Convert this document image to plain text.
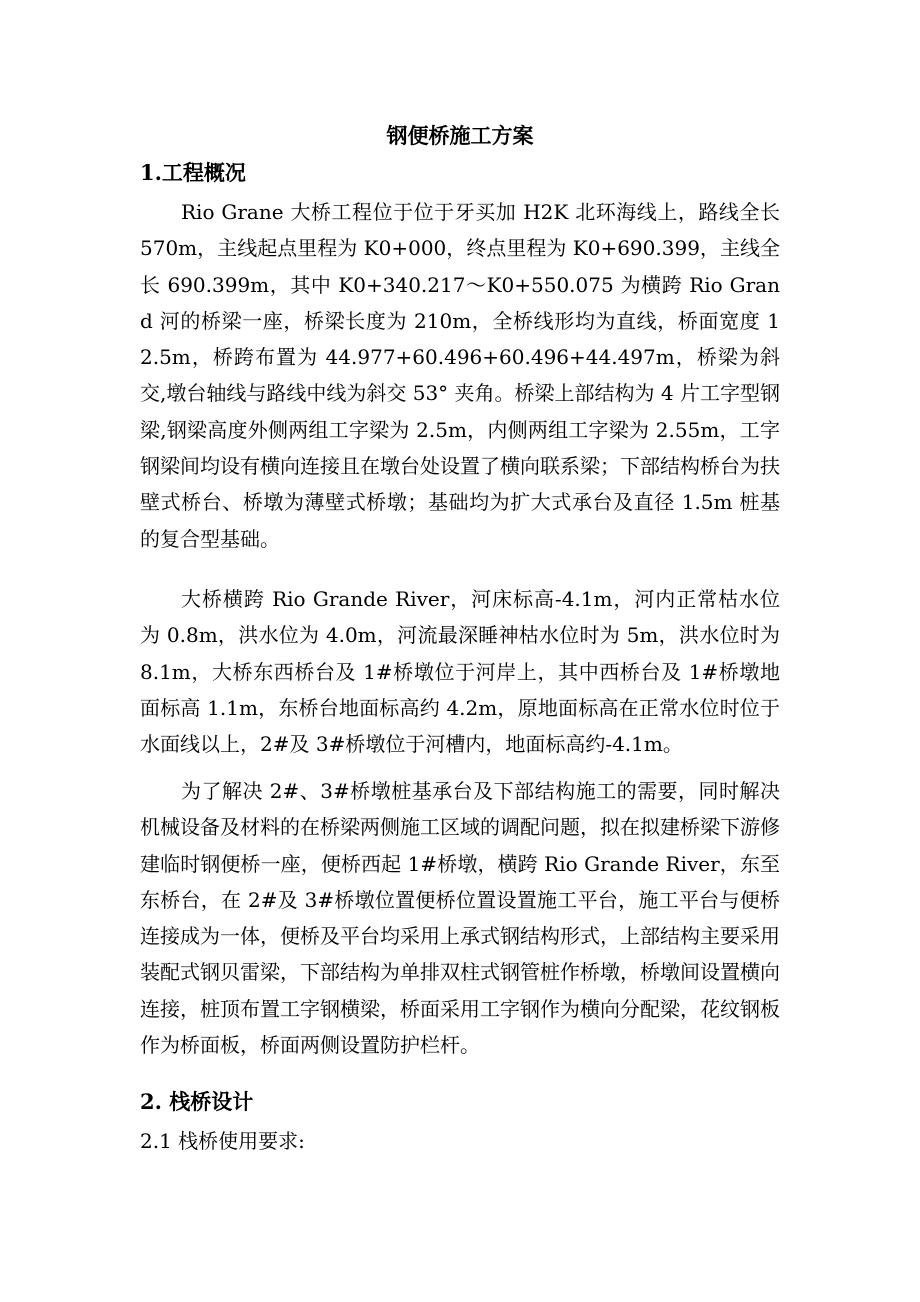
钢便桥施工方案
1.工程概况

Rio Grane 大桥工程位于位于牙买加 H2K 北环海线上，路线全长 570m，主线起点里程为 K0+000，终点里程为 K0+690.399，主线全长 690.399m，其中 K0+340.217～K0+550.075 为横跨 Rio Grand 河的桥梁一座，桥梁长度为 210m，全桥线形均为直线，桥面宽度 12.5m，桥跨布置为 44.977+60.496+60.496+44.497m，桥梁为斜交,墩台轴线与路线中线为斜交 53° 夹角。桥梁上部结构为 4 片工字型钢梁,钢梁高度外侧两组工字梁为 2.5m，内侧两组工字梁为 2.55m，工字钢梁间均设有横向连接且在墩台处设置了横向联系梁；下部结构桥台为扶壁式桥台、桥墩为薄壁式桥墩；基础均为扩大式承台及直径 1.5m 桩基的复合型基础。

大桥横跨 Rio Grande River，河床标高-4.1m，河内正常枯水位为 0.8m，洪水位为 4.0m，河流最深睡神枯水位时为 5m，洪水位时为 8.1m，大桥东西桥台及 1#桥墩位于河岸上，其中西桥台及 1#桥墩地面标高 1.1m，东桥台地面标高约 4.2m，原地面标高在正常水位时位于水面线以上，2#及 3#桥墩位于河槽内，地面标高约-4.1m。

为了解决 2#、3#桥墩桩基承台及下部结构施工的需要，同时解决机械设备及材料的在桥梁两侧施工区域的调配问题，拟在拟建桥梁下游修建临时钢便桥一座，便桥西起 1#桥墩，横跨 Rio Grande River，东至东桥台，在 2#及 3#桥墩位置便桥位置设置施工平台，施工平台与便桥连接成为一体，便桥及平台均采用上承式钢结构形式，上部结构主要采用装配式钢贝雷梁，下部结构为单排双柱式钢管桩作桥墩，桥墩间设置横向连接，桩顶布置工字钢横梁，桥面采用工字钢作为横向分配梁，花纹钢板作为桥面板，桥面两侧设置防护栏杆。

2. 栈桥设计

2.1 栈桥使用要求:
